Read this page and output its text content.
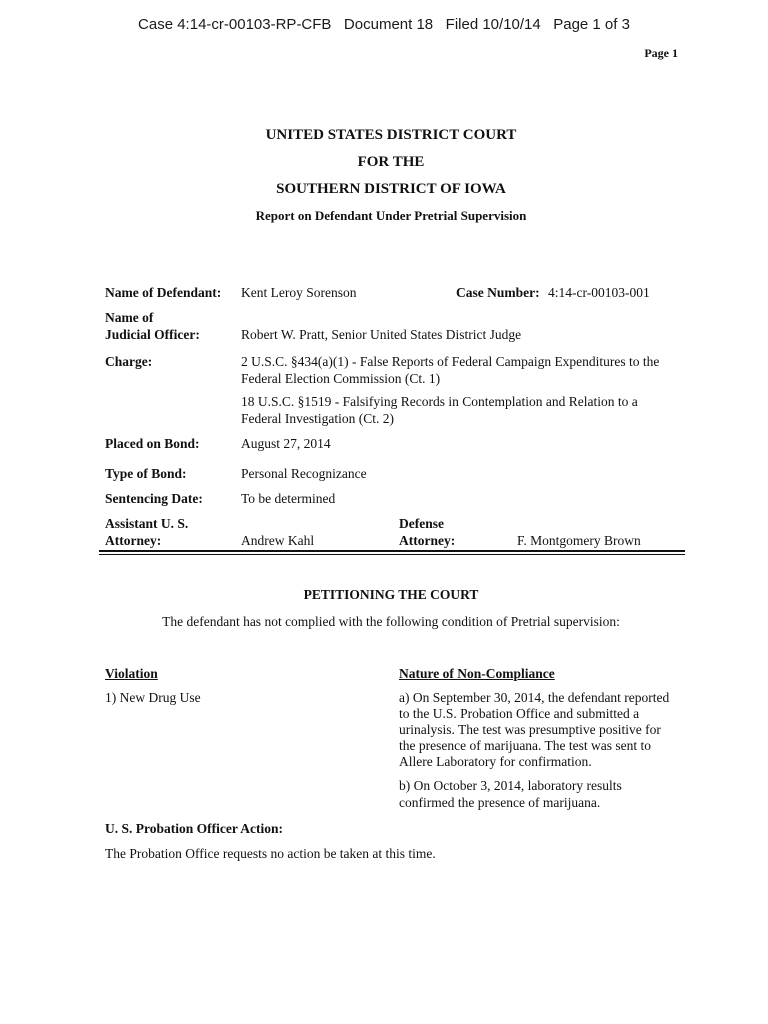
Case 4:14-cr-00103-RP-CFB   Document 18   Filed 10/10/14   Page 1 of 3
Page 1
UNITED STATES DISTRICT COURT
FOR THE
SOUTHERN DISTRICT OF IOWA
Report on Defendant Under Pretrial Supervision
Name of Defendant: Kent Leroy Sorenson	Case Number: 4:14-cr-00103-001
Name of
Judicial Officer:	Robert W. Pratt, Senior United States District Judge
Charge:	2 U.S.C. §434(a)(1) - False Reports of Federal Campaign Expenditures to the
Federal Election Commission (Ct. 1)
18 U.S.C. §1519 - Falsifying Records in Contemplation and Relation to a
Federal Investigation (Ct. 2)
Placed on Bond:	August 27, 2014
Type of Bond:	Personal Recognizance
Sentencing Date:	To be determined
Assistant U. S.
Attorney:	Andrew Kahl
Defense
Attorney:	F. Montgomery Brown
PETITIONING THE COURT
The defendant has not complied with the following condition of Pretrial supervision:
Violation	Nature of Non-Compliance
1) New Drug Use	a) On September 30, 2014, the defendant reported
to the U.S. Probation Office and submitted a
urinalysis. The test was presumptive positive for
the presence of marijuana. The test was sent to
Allere Laboratory for confirmation.
b) On October 3, 2014, laboratory results
confirmed the presence of marijuana.
U. S. Probation Officer Action:
The Probation Office requests no action be taken at this time.
